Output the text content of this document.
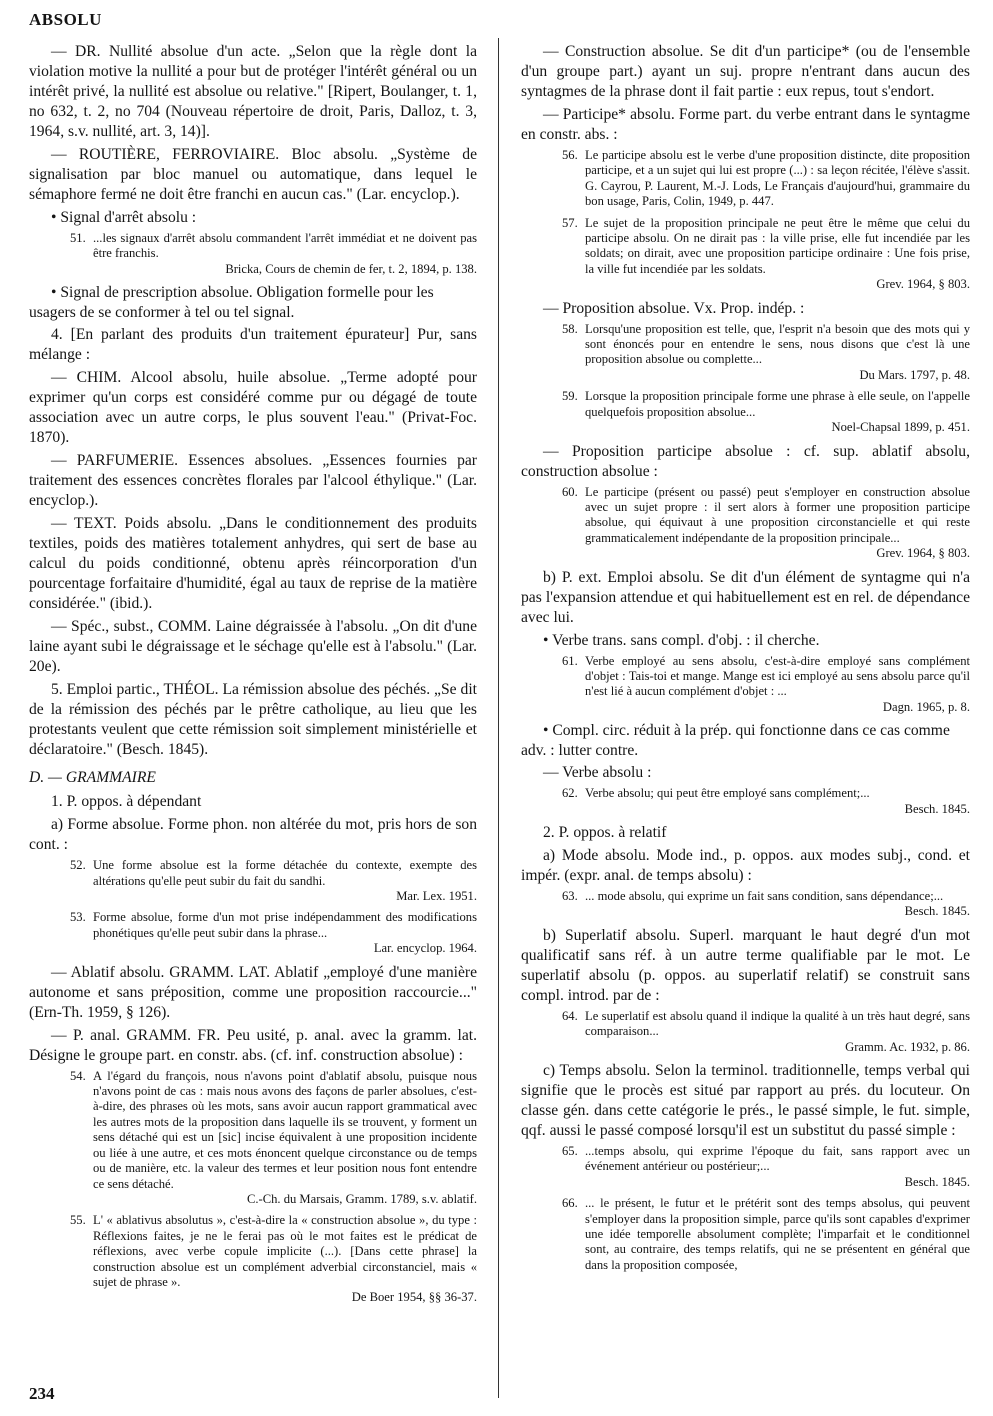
ABSOLU

— DR. Nullité absolue d'un acte. „Selon que la règle dont la violation motive la nullité a pour but de protéger l'intérêt général ou un intérêt privé, la nullité est absolue ou relative." [Ripert, Boulanger, t. 1, no 632, t. 2, no 704 (Nouveau répertoire de droit, Paris, Dalloz, t. 3, 1964, s.v. nullité, art. 3, 14)].

— ROUTIÈRE, FERROVIAIRE. Bloc absolu. „Système de signalisation par bloc manuel ou automatique, dans lequel le sémaphore fermé ne doit être franchi en aucun cas." (Lar. encyclop.).

• Signal d'arrêt absolu :

51. ...les signaux d'arrêt absolu commandent l'arrêt immédiat et ne doivent pas être franchis.
Bricka, Cours de chemin de fer, t. 2, 1894, p. 138.

• Signal de prescription absolue. Obligation formelle pour les usagers de se conformer à tel ou tel signal.

4. [En parlant des produits d'un traitement épurateur] Pur, sans mélange :

— CHIM. Alcool absolu, huile absolue. „Terme adopté pour exprimer qu'un corps est considéré comme pur ou dégagé de toute association avec un autre corps, le plus souvent l'eau." (Privat-Foc. 1870).

— PARFUMERIE. Essences absolues. „Essences fournies par traitement des essences concrètes florales par l'alcool éthylique." (Lar. encyclop.).

— TEXT. Poids absolu. „Dans le conditionnement des produits textiles, poids des matières totalement anhydres, qui sert de base au calcul du poids conditionné, obtenu après réincorporation d'un pourcentage forfaitaire d'humidité, égal au taux de reprise de la matière considérée." (ibid.).

— Spéc., subst., COMM. Laine dégraissée à l'absolu. „On dit d'une laine ayant subi le dégraissage et le séchage qu'elle est à l'absolu." (Lar. 20e).

5. Emploi partic., THÉOL. La rémission absolue des péchés. „Se dit de la rémission des péchés par le prêtre catholique, au lieu que les protestants veulent que cette rémission soit simplement ministérielle et déclaratoire." (Besch. 1845).

D. — GRAMMAIRE

1. P. oppos. à dépendant

a) Forme absolue. Forme phon. non altérée du mot, pris hors de son cont. :

52. Une forme absolue est la forme détachée du contexte, exempte des altérations qu'elle peut subir du fait du sandhi.
Mar. Lex. 1951.
53. Forme absolue, forme d'un mot prise indépendamment des modifications phonétiques qu'elle peut subir dans la phrase...
Lar. encyclop. 1964.

— Ablatif absolu. GRAMM. LAT. Ablatif „employé d'une manière autonome et sans préposition, comme une proposition raccourcie..." (Ern-Th. 1959, § 126).

— P. anal. GRAMM. FR. Peu usité, p. anal. avec la gramm. lat. Désigne le groupe part. en constr. abs. (cf. inf. construction absolue) :

54. A l'égard du françois, nous n'avons point d'ablatif absolu, puisque nous n'avons point de cas : mais nous avons des façons de parler absolues, c'est-à-dire, des phrases où les mots, sans avoir aucun rapport grammatical avec les autres mots de la proposition dans laquelle ils se trouvent, y forment un sens détaché qui est un [sic] incise équivalent à une proposition incidente ou liée à une autre, et ces mots énoncent quelque circonstance ou de temps ou de manière, etc. la valeur des termes et leur position nous font entendre ce sens détaché.
C.-Ch. du Marsais, Gramm. 1789, s.v. ablatif.
55. L' « ablativus absolutus », c'est-à-dire la « construction absolue », du type : Réflexions faites, je ne le ferai pas où le mot faites est le prédicat de réflexions, avec verbe copule implicite (...). [Dans cette phrase] la construction absolue est un complément adverbial circonstanciel, mais « sujet de phrase ».
De Boer 1954, §§ 36-37.

— Construction absolue. Se dit d'un participe* (ou de l'ensemble d'un groupe part.) ayant un suj. propre n'entrant dans aucun des syntagmes de la phrase dont il fait partie : eux repus, tout s'endort.

— Participe* absolu. Forme part. du verbe entrant dans le syntagme en constr. abs. :

56. Le participe absolu est le verbe d'une proposition distincte, dite proposition participe, et a un sujet qui lui est propre (...) : sa leçon récitée, l'élève s'assit. G. Cayrou, P. Laurent, M.-J. Lods, Le Français d'aujourd'hui, grammaire du bon usage, Paris, Colin, 1949, p. 447.
57. Le sujet de la proposition principale ne peut être le même que celui du participe absolu. On ne dirait pas : la ville prise, elle fut incendiée par les soldats; on dirait, avec une proposition participe ordinaire : Une fois prise, la ville fut incendiée par les soldats.
Grev. 1964, § 803.

— Proposition absolue. Vx. Prop. indép. :

58. Lorsqu'une proposition est telle, que, l'esprit n'a besoin que des mots qui y sont énoncés pour en entendre le sens, nous disons que c'est là une proposition absolue ou complette...
Du Mars. 1797, p. 48.
59. Lorsque la proposition principale forme une phrase à elle seule, on l'appelle quelquefois proposition absolue...
Noel-Chapsal 1899, p. 451.

— Proposition participe absolue : cf. sup. ablatif absolu, construction absolue :

60. Le participe (présent ou passé) peut s'employer en construction absolue avec un sujet propre : il sert alors à former une proposition participe absolue, qui équivaut à une proposition circonstancielle et qui reste grammaticalement indépendante de la proposition principale...
Grev. 1964, § 803.

b) P. ext. Emploi absolu. Se dit d'un élément de syntagme qui n'a pas l'expansion attendue et qui habituellement est en rel. de dépendance avec lui.

• Verbe trans. sans compl. d'obj. : il cherche.

61. Verbe employé au sens absolu, c'est-à-dire employé sans complément d'objet : Tais-toi et mange. Mange est ici employé au sens absolu parce qu'il n'est lié à aucun complément d'objet : ...
Dagn. 1965, p. 8.

• Compl. circ. réduit à la prép. qui fonctionne dans ce cas comme adv. : lutter contre.

— Verbe absolu :

62. Verbe absolu; qui peut être employé sans complément;...
Besch. 1845.

2. P. oppos. à relatif

a) Mode absolu. Mode ind., p. oppos. aux modes subj., cond. et impér. (expr. anal. de temps absolu) :

63. ... mode absolu, qui exprime un fait sans condition, sans dépendance;...
Besch. 1845.

b) Superlatif absolu. Superl. marquant le haut degré d'un mot qualificatif sans réf. à un autre terme qualifiable par le mot. Le superlatif absolu (p. oppos. au superlatif relatif) se construit sans compl. introd. par de :

64. Le superlatif est absolu quand il indique la qualité à un très haut degré, sans comparaison...
Gramm. Ac. 1932, p. 86.

c) Temps absolu. Selon la terminol. traditionnelle, temps verbal qui signifie que le procès est situé par rapport au prés. du locuteur. On classe gén. dans cette catégorie le prés., le passé simple, le fut. simple, qqf. aussi le passé composé lorsqu'il est un substitut du passé simple :

65. ...temps absolu, qui exprime l'époque du fait, sans rapport avec un événement antérieur ou postérieur;...
Besch. 1845.
66. ... le présent, le futur et le prétérit sont des temps absolus, qui peuvent s'employer dans la proposition simple, parce qu'ils sont capables d'exprimer une idée temporelle absolument complète; l'imparfait et le conditionnel sont, au contraire, des temps relatifs, qui ne se présentent en général que dans la proposition composée,
234
